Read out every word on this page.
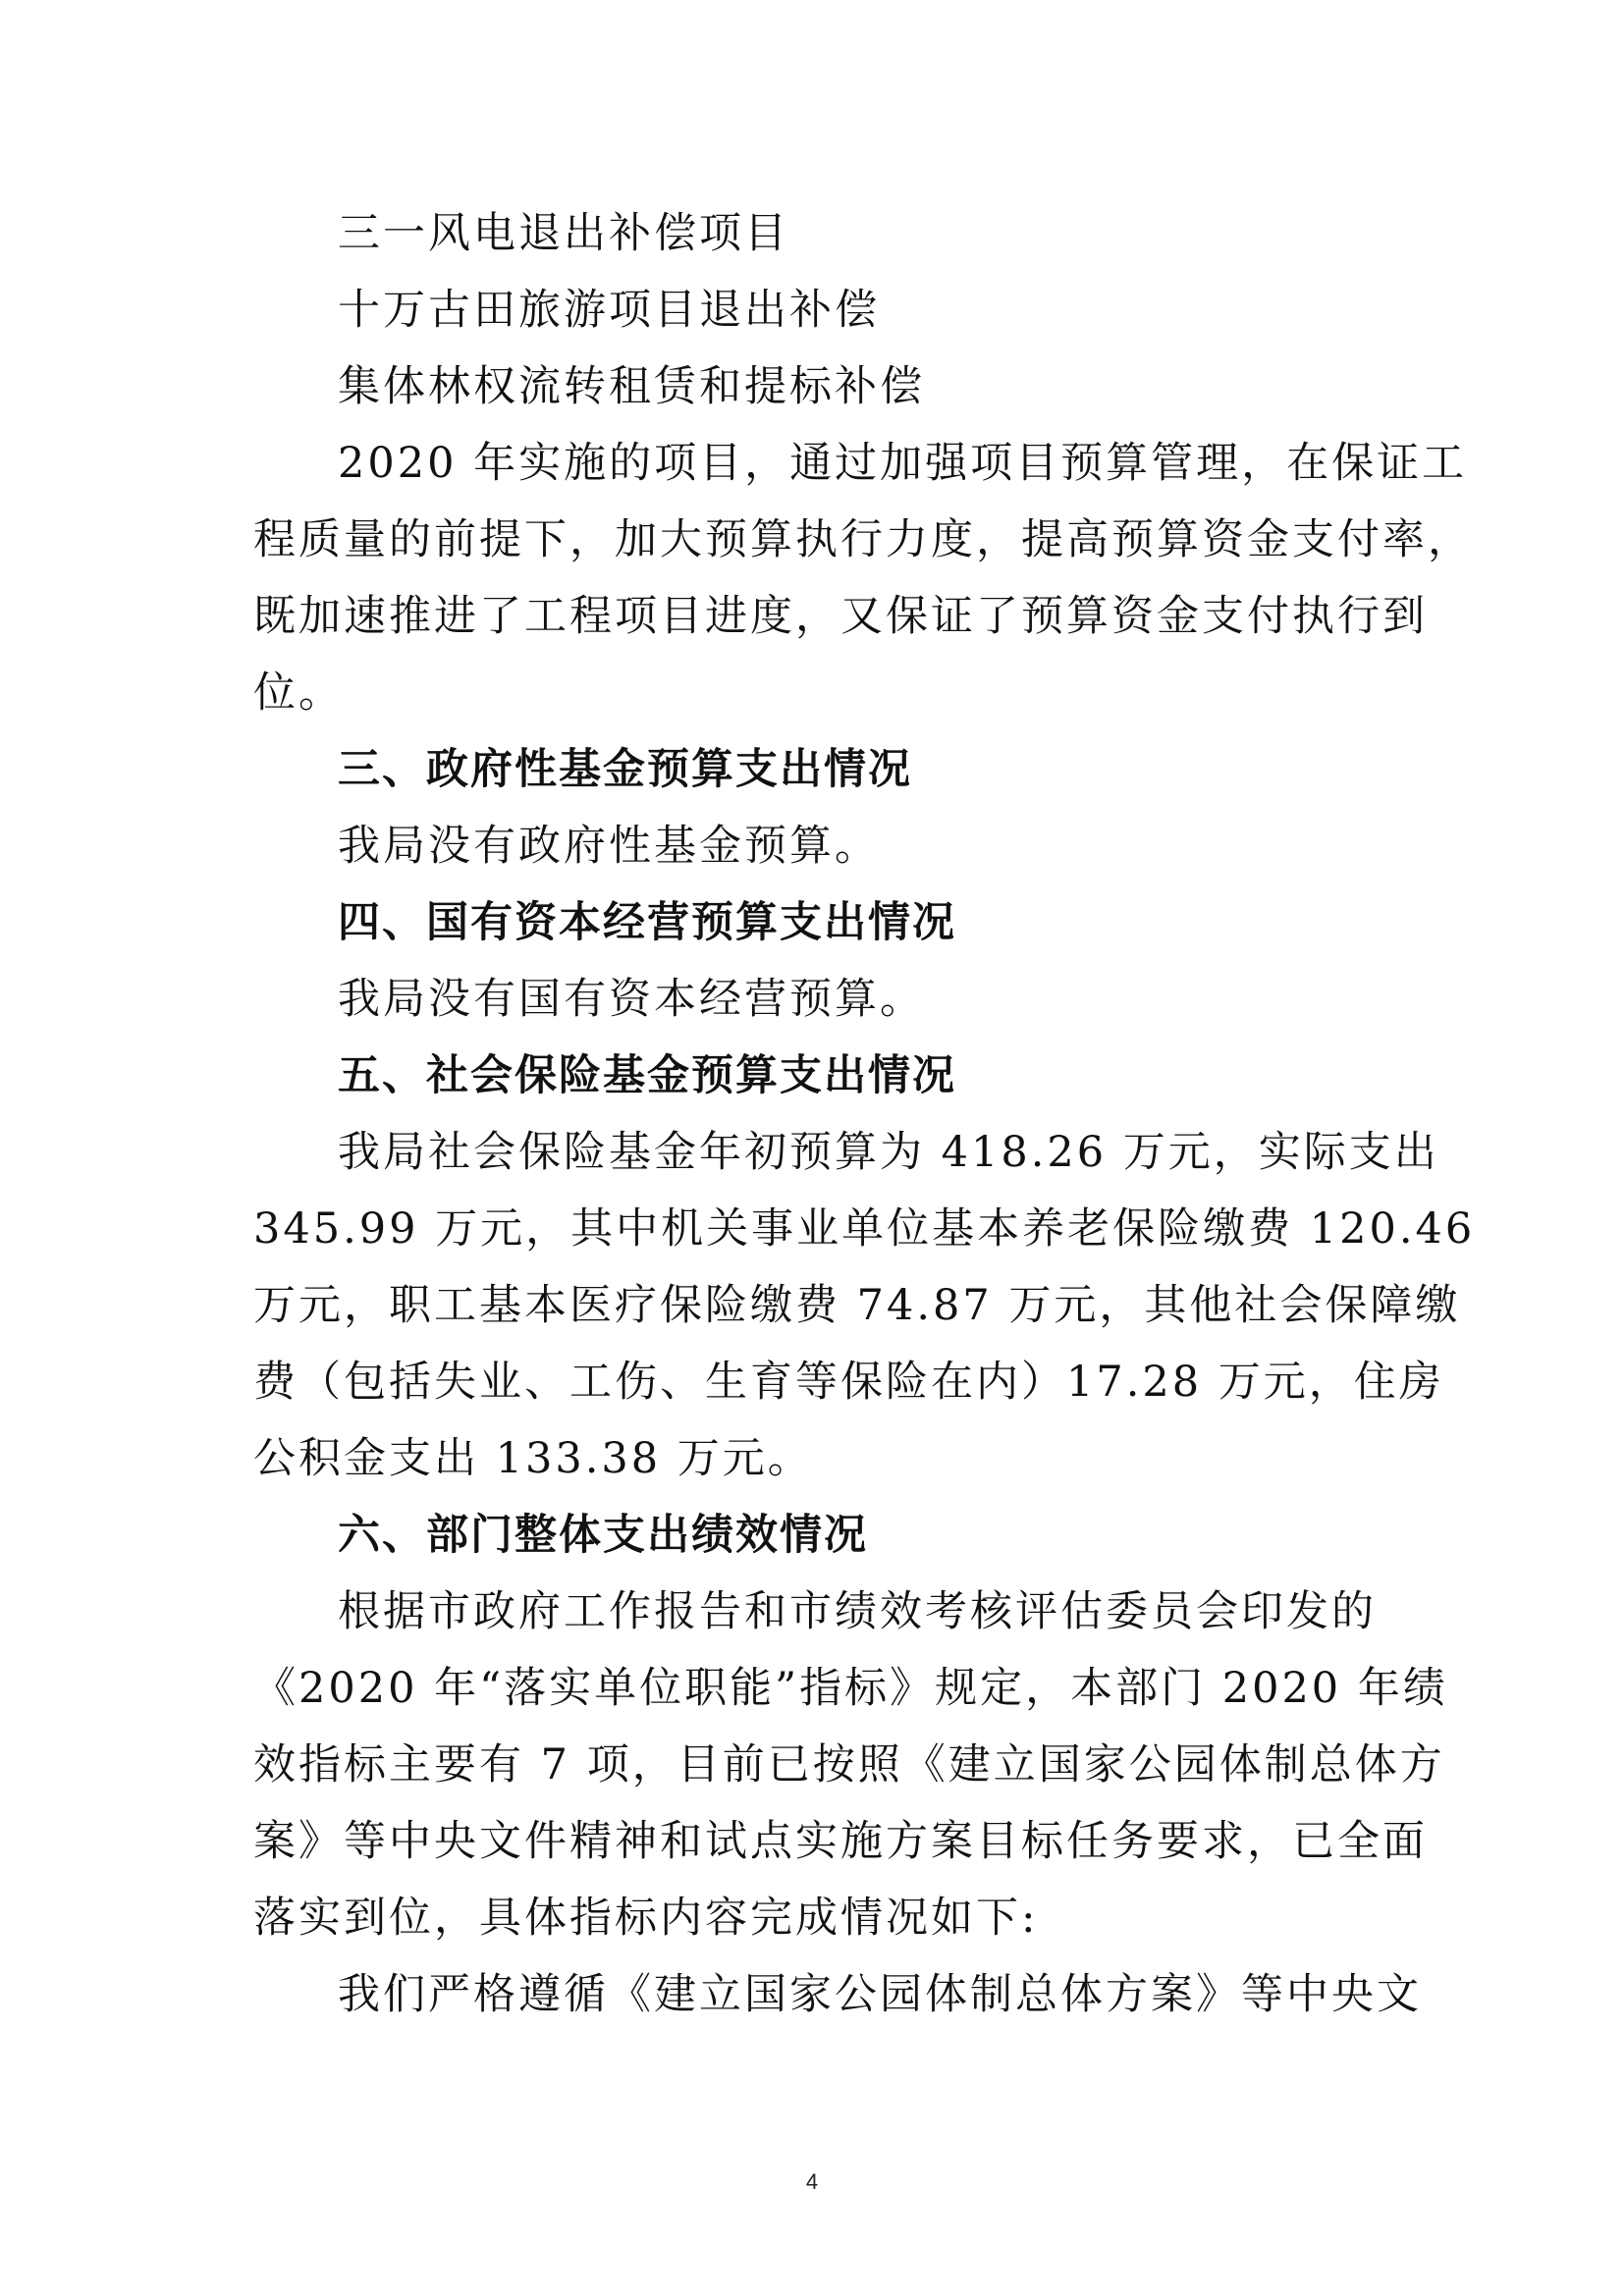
三一风电退出补偿项目
十万古田旅游项目退出补偿
集体林权流转租赁和提标补偿
2020 年实施的项目，通过加强项目预算管理，在保证工
程质量的前提下，加大预算执行力度，提高预算资金支付率，
既加速推进了工程项目进度，又保证了预算资金支付执行到
位。
三、政府性基金预算支出情况
我局没有政府性基金预算。
四、国有资本经营预算支出情况
我局没有国有资本经营预算。
五、社会保险基金预算支出情况
我局社会保险基金年初预算为 418.26 万元，实际支出
345.99 万元，其中机关事业单位基本养老保险缴费 120.46
万元，职工基本医疗保险缴费 74.87 万元，其他社会保障缴
费（包括失业、工伤、生育等保险在内）17.28 万元，住房
公积金支出 133.38 万元。
六、部门整体支出绩效情况
根据市政府工作报告和市绩效考核评估委员会印发的
《2020 年“落实单位职能”指标》规定，本部门 2020 年绩
效指标主要有 7 项，目前已按照《建立国家公园体制总体方
案》等中央文件精神和试点实施方案目标任务要求，已全面
落实到位，具体指标内容完成情况如下:
我们严格遵循《建立国家公园体制总体方案》等中央文
4
